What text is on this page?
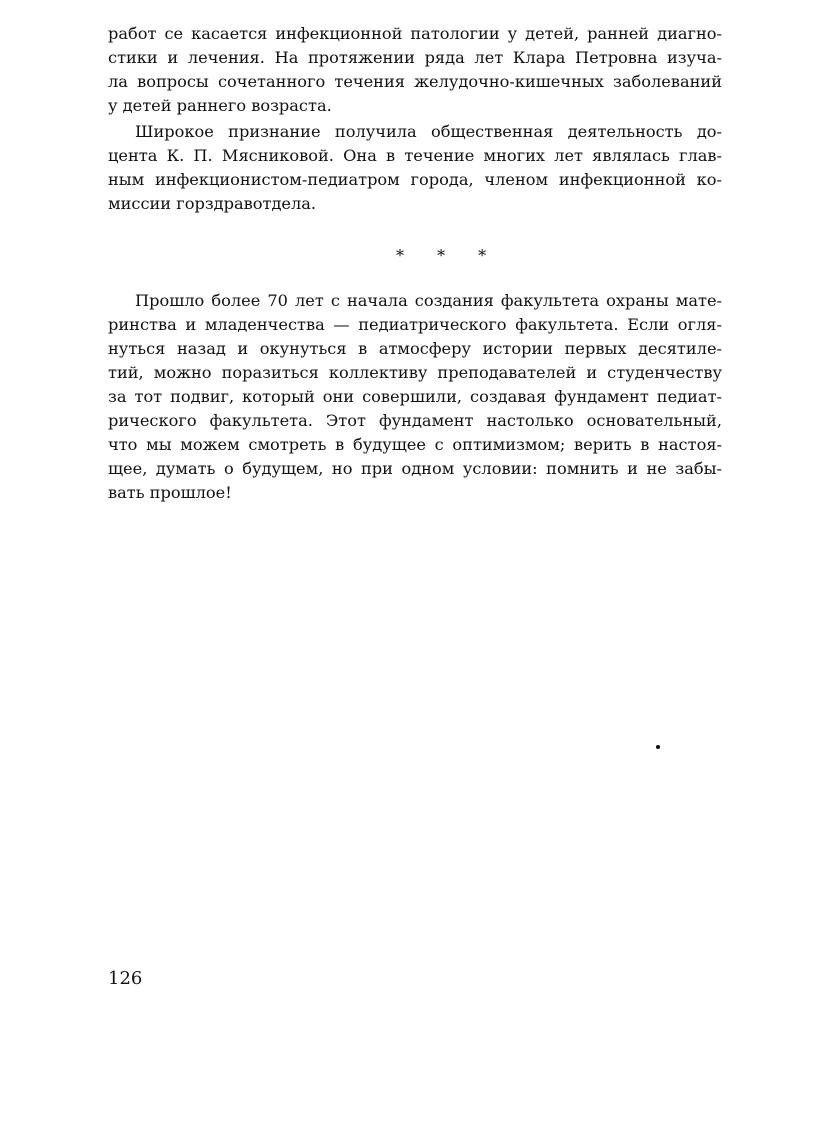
работ се касается инфекционной патологии у детей, ранней диагно-
стики и лечения. На протяжении ряда лет Клара Петровна изуча-
ла вопросы сочетанного течения желудочно-кишечных заболеваний
у детей раннего возраста.
Широкое признание получила общественная деятельность до-
цента К. П. Мясниковой. Она в течение многих лет являлась глав-
ным инфекционистом-педиатром города, членом инфекционной ко-
миссии горздравотдела.
* * *
Прошло более 70 лет с начала создания факультета охраны мате-
ринства и младенчества — педиатрического факультета. Если огля-
нуться назад и окунуться в атмосферу истории первых десятиле-
тий, можно поразиться коллективу преподавателей и студенчеству
за тот подвиг, который они совершили, создавая фундамент педиат-
рического факультета. Этот фундамент настолько основательный,
что мы можем смотреть в будущее с оптимизмом; верить в настоя-
щее, думать о будущем, но при одном условии: помнить и не забы-
вать прошлое!
126
